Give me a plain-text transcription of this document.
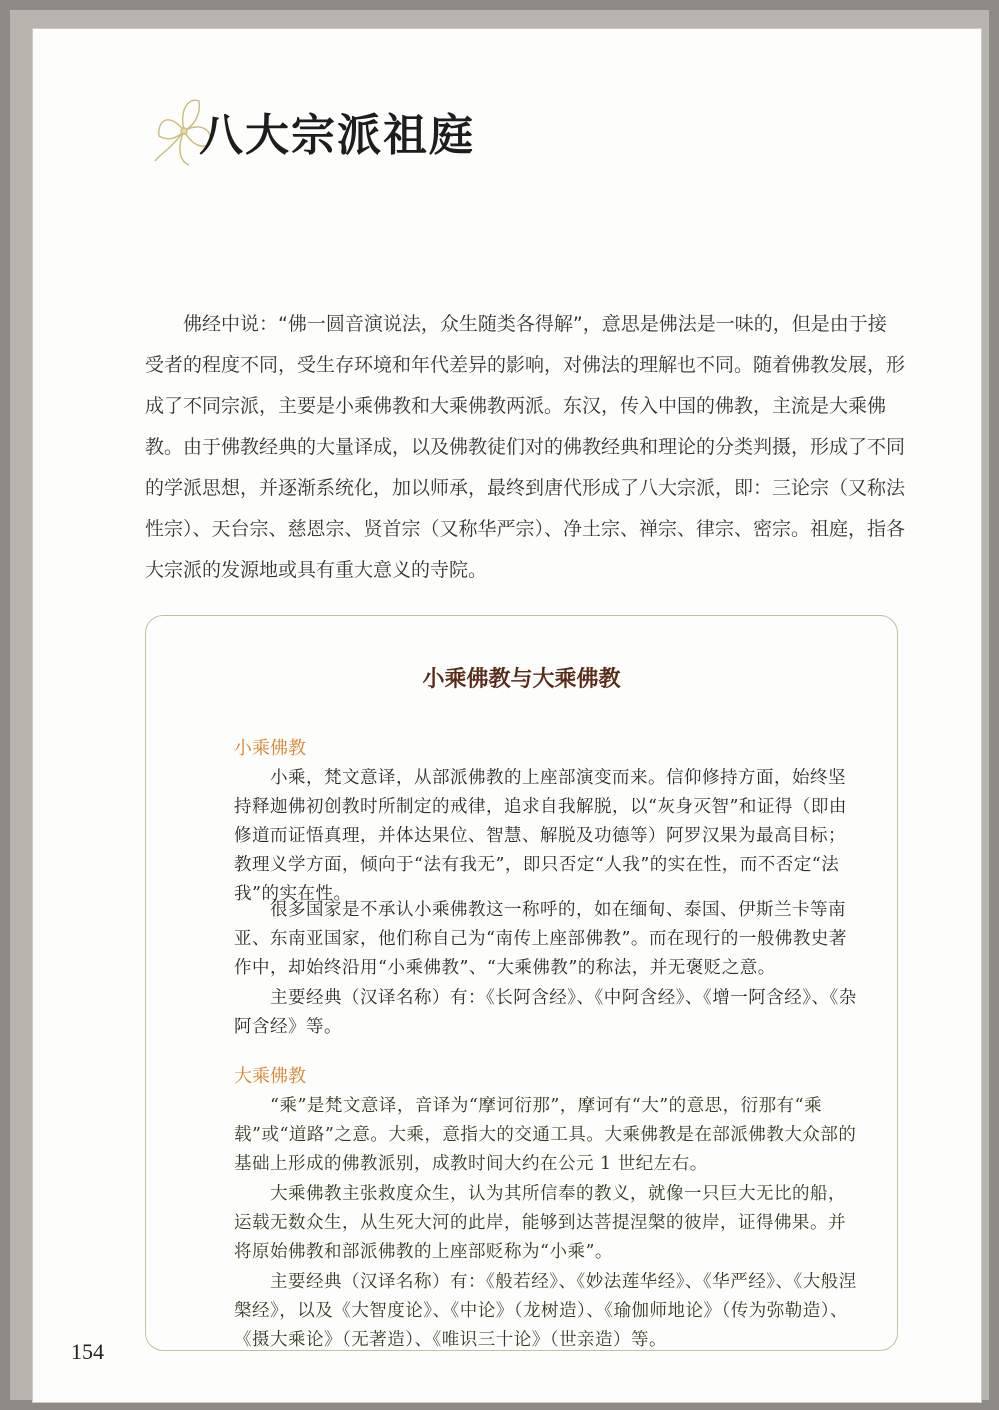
八大宗派祖庭

佛经中说：“佛一圆音演说法，众生随类各得解”，意思是佛法是一味的，但是由于接受者的程度不同，受生存环境和年代差异的影响，对佛法的理解也不同。随着佛教发展，形成了不同宗派，主要是小乘佛教和大乘佛教两派。东汉，传入中国的佛教，主流是大乘佛教。由于佛教经典的大量译成，以及佛教徒们对的佛教经典和理论的分类判摄，形成了不同的学派思想，并逐渐系统化，加以师承，最终到唐代形成了八大宗派，即：三论宗（又称法性宗）、天台宗、慈恩宗、贤首宗（又称华严宗）、净土宗、禅宗、律宗、密宗。祖庭，指各大宗派的发源地或具有重大意义的寺院。

小乘佛教与大乘佛教
小乘佛教

小乘，梵文意译，从部派佛教的上座部演变而来。信仰修持方面，始终坚持释迦佛初创教时所制定的戒律，追求自我解脱，以“灰身灭智”和证得（即由修道而证悟真理，并体达果位、智慧、解脱及功德等）阿罗汉果为最高目标；教理义学方面，倾向于“法有我无”，即只否定“人我”的实在性，而不否定“法我”的实在性。

很多国家是不承认小乘佛教这一称呼的，如在缅甸、泰国、伊斯兰卡等南亚、东南亚国家，他们称自己为“南传上座部佛教”。而在现行的一般佛教史著作中，却始终沿用“小乘佛教”、“大乘佛教”的称法，并无褒贬之意。

主要经典（汉译名称）有：《长阿含经》、《中阿含经》、《增一阿含经》、《杂阿含经》等。

大乘佛教

“乘”是梵文意译，音译为“摩诃衍那”，摩诃有“大”的意思，衍那有“乘载”或“道路”之意。大乘，意指大的交通工具。大乘佛教是在部派佛教大众部的基础上形成的佛教派别，成教时间大约在公元 1 世纪左右。

大乘佛教主张救度众生，认为其所信奉的教义，就像一只巨大无比的船，运载无数众生，从生死大河的此岸，能够到达菩提涅槃的彼岸，证得佛果。并将原始佛教和部派佛教的上座部贬称为“小乘”。

主要经典（汉译名称）有：《般若经》、《妙法莲华经》、《华严经》、《大般涅槃经》，以及《大智度论》、《中论》（龙树造）、《瑜伽师地论》（传为弥勒造）、《摄大乘论》（无著造）、《唯识三十论》（世亲造）等。

154
